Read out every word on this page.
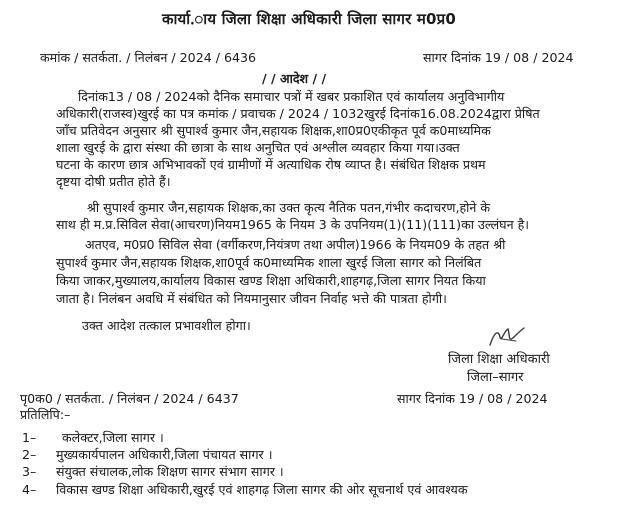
कार्या.ाय जिला शिक्षा अधिकारी जिला सागर म0प्र0
कमांक / सतर्कता. / निलंबन / 2024 / 6436	सागर दिनांक 19 / 08 / 2024
/ / आदेश / /
दिनांक13 / 08 / 2024को दैनिक समाचार पत्रों में खबर प्रकाशित एवं कार्यालय अनुविभागीय
अधिकारी(राजस्व)खुरई का पत्र कमांक / प्रवाचक / 2024 / 1032खुरई दिनांक16.08.2024द्वारा प्रेषित
जाँच प्रतिवेदन अनुसार श्री सुपार्श्व कुमार जैन,सहायक शिक्षक,शा0प्र0एकीकृत पूर्व क0माध्यमिक
शाला खुरई के द्वारा संस्था की छात्रा के साथ अनुचित एवं अश्लील व्यवहार किया गया।उक्त
घटना के कारण छात्र अभिभावकों एवं ग्रामीणों में अत्याधिक रोष व्याप्त है। संबंधित शिक्षक प्रथम
दृष्टया दोषी प्रतीत होते हैं।
श्री सुपार्श्व कुमार जैन,सहायक शिक्षक,का उक्त कृत्य नैतिक पतन,गंभीर कदाचरण,होने के
साथ ही म.प्र.सिविल सेवा(आचरण)नियम1965 के नियम 3 के उपनियम(1)(11)(111)का उल्लंघन है।
अतएव, म0प्र0 सिविल सेवा (वर्गीकरण,नियंत्रण तथा अपील)1966 के नियम09 के तहत श्री
सुपार्श्व कुमार जैन,सहायक शिक्षक,शा0पूर्व क0माध्यमिक शाला खुरई जिला सागर को निलंबित
किया जाकर,मुख्यालय,कार्यालय विकास खण्ड शिक्षा अधिकारी,शाहगढ़,जिला सागर नियत किया
जाता है। निलंबन अवधि में संबंधित को नियमानुसार जीवन निर्वाह भत्ते की पात्रता होगी।
उक्त आदेश तत्काल प्रभावशील होगा।
जिला शिक्षा अधिकारी
जिला–सागर
पृ0क0 / सतर्कता. / निलंबन / 2024 / 6437	सागर दिनांक 19 / 08 / 2024
प्रतिलिपि:–
1– कलेक्टर,जिला सागर ।
2– मुख्यकार्यपालन अधिकारी,जिला पंचायत सागर ।
3– संयुक्त संचालक,लोक शिक्षण सागर संभाग सागर ।
4– विकास खण्ड शिक्षा अधिकारी,खुरई एवं शाहगढ़ जिला सागर की ओर सूचनार्थ एवं आवश्यक
